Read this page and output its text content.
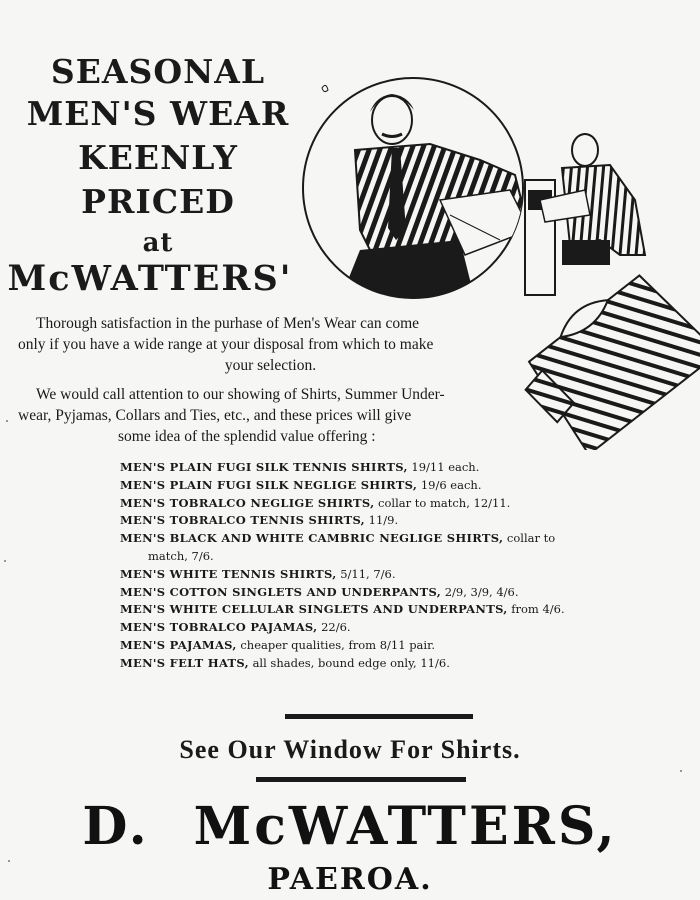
SEASONAL
MEN'S WEAR
KEENLY
PRICED
at
McWATTERS'
Thorough satisfaction in the purhase of Men's Wear can come
only if you have a wide range at your disposal from which to make
your selection.
We would call attention to our showing of Shirts, Summer Under-
wear, Pyjamas, Collars and Ties, etc., and these prices will give
some idea of the splendid value offering :
MEN'S PLAIN FUGI SILK TENNIS SHIRTS, 19/11 each.
MEN'S PLAIN FUGI SILK NEGLIGE SHIRTS, 19/6 each.
MEN'S TOBRALCO NEGLIGE SHIRTS, collar to match, 12/11.
MEN'S TOBRALCO TENNIS SHIRTS, 11/9.
MEN'S BLACK AND WHITE CAMBRIC NEGLIGE SHIRTS, collar to
match, 7/6.
MEN'S WHITE TENNIS SHIRTS, 5/11, 7/6.
MEN'S COTTON SINGLETS AND UNDERPANTS, 2/9, 3/9, 4/6.
MEN'S WHITE CELLULAR SINGLETS AND UNDERPANTS, from 4/6.
MEN'S TOBRALCO PAJAMAS, 22/6.
MEN'S PAJAMAS, cheaper qualities, from 8/11 pair.
MEN'S FELT HATS, all shades, bound edge only, 11/6.
See Our Window For Shirts.
D. McWATTERS,
PAEROA.
